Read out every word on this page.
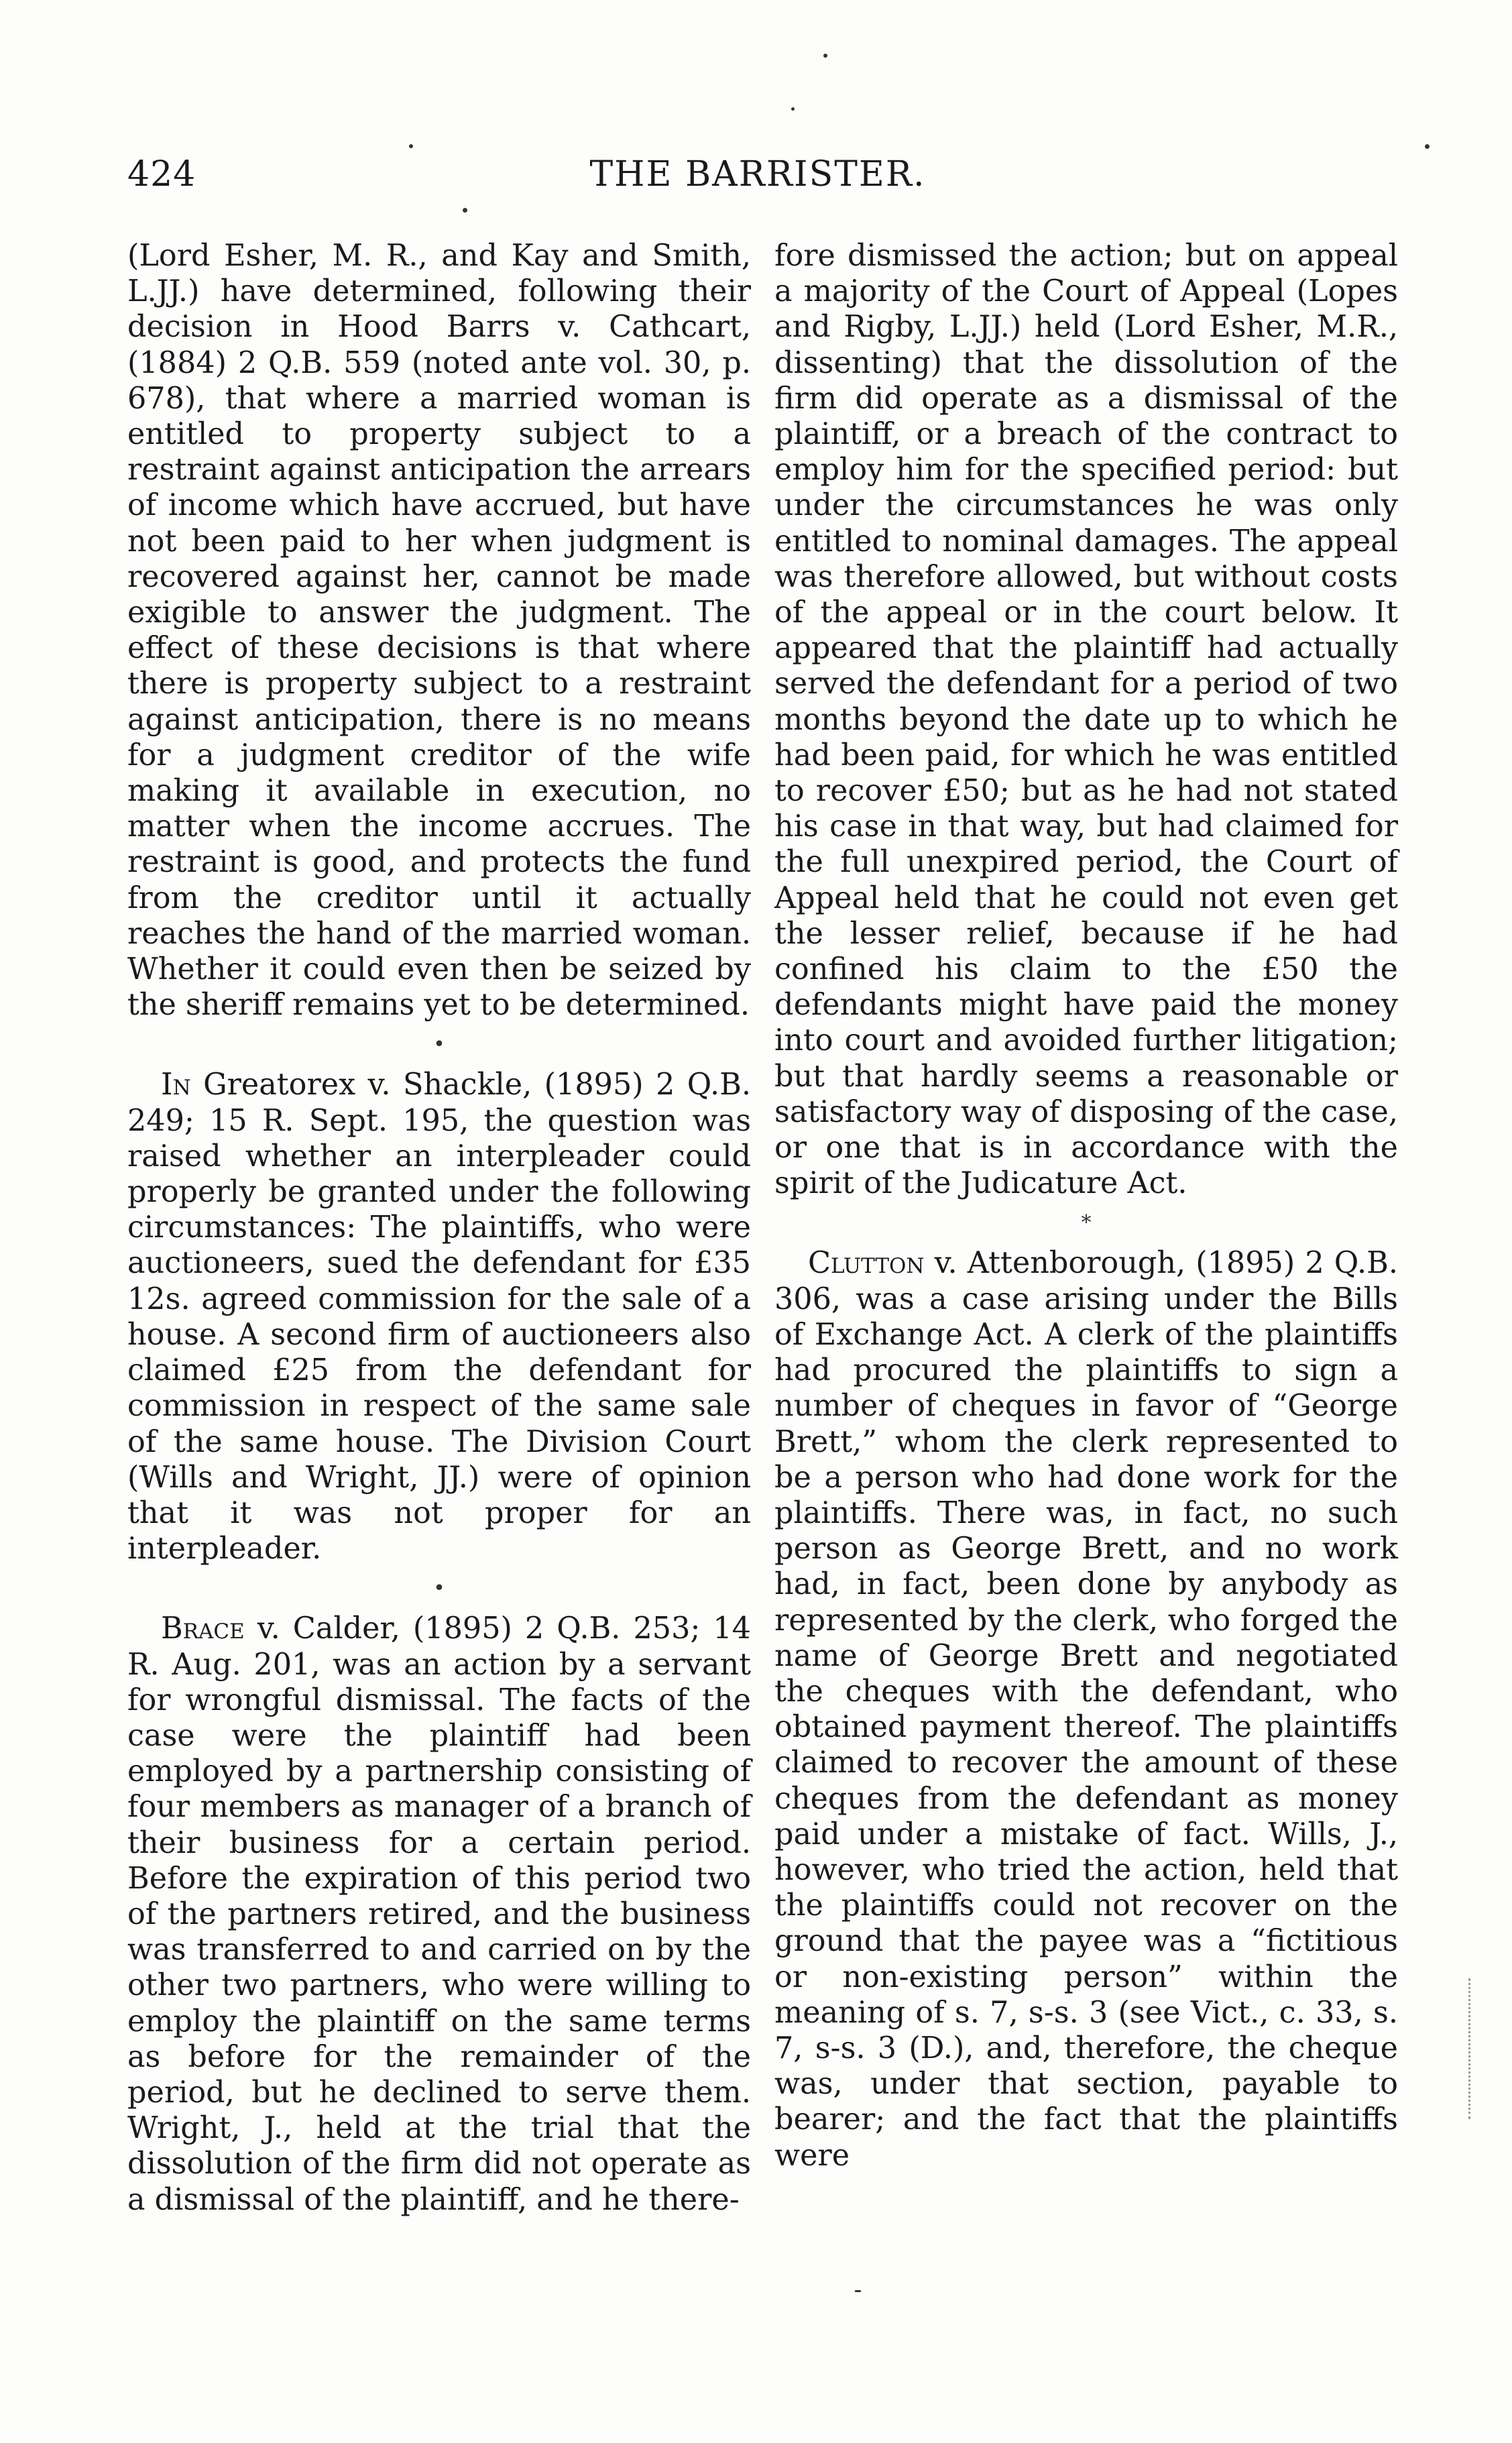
424	THE BARRISTER.

(Lord Esher, M. R., and Kay and Smith, L.JJ.) have determined, following their decision in Hood Barrs v. Cathcart, (1884) 2 Q.B. 559 (noted ante vol. 30, p. 678), that where a married woman is entitled to property subject to a restraint against anticipation the arrears of income which have accrued, but have not been paid to her when judgment is recovered against her, cannot be made exigible to answer the judgment. The effect of these decisions is that where there is property subject to a restraint against anticipation, there is no means for a judgment creditor of the wife making it available in execution, no matter when the income accrues. The restraint is good, and protects the fund from the creditor until it actually reaches the hand of the married woman. Whether it could even then be seized by the sheriff remains yet to be determined.

•

In Greatorex v. Shackle, (1895) 2 Q.B. 249; 15 R. Sept. 195, the question was raised whether an interpleader could properly be granted under the following circumstances: The plaintiffs, who were auctioneers, sued the defendant for £35 12s. agreed commission for the sale of a house. A second firm of auctioneers also claimed £25 from the defendant for commission in respect of the same sale of the same house. The Division Court (Wills and Wright, JJ.) were of opinion that it was not proper for an interpleader.

•

Brace v. Calder, (1895) 2 Q.B. 253; 14 R. Aug. 201, was an action by a servant for wrongful dismissal. The facts of the case were the plaintiff had been employed by a partnership consisting of four members as manager of a branch of their business for a certain period. Before the expiration of this period two of the partners retired, and the business was transferred to and carried on by the other two partners, who were willing to employ the plaintiff on the same terms as before for the remainder of the period, but he declined to serve them. Wright, J., held at the trial that the dissolution of the firm did not operate as a dismissal of the plaintiff, and he there-

fore dismissed the action; but on appeal a majority of the Court of Appeal (Lopes and Rigby, L.JJ.) held (Lord Esher, M.R., dissenting) that the dissolution of the firm did operate as a dismissal of the plaintiff, or a breach of the contract to employ him for the specified period: but under the circumstances he was only entitled to nominal damages. The appeal was therefore allowed, but without costs of the appeal or in the court below. It appeared that the plaintiff had actually served the defendant for a period of two months beyond the date up to which he had been paid, for which he was entitled to recover £50; but as he had not stated his case in that way, but had claimed for the full unexpired period, the Court of Appeal held that he could not even get the lesser relief, because if he had confined his claim to the £50 the defendants might have paid the money into court and avoided further litigation; but that hardly seems a reasonable or satisfactory way of disposing of the case, or one that is in accordance with the spirit of the Judicature Act.

*

Clutton v. Attenborough, (1895) 2 Q.B. 306, was a case arising under the Bills of Exchange Act. A clerk of the plaintiffs had procured the plaintiffs to sign a number of cheques in favor of “George Brett,” whom the clerk represented to be a person who had done work for the plaintiffs. There was, in fact, no such person as George Brett, and no work had, in fact, been done by anybody as represented by the clerk, who forged the name of George Brett and negotiated the cheques with the defendant, who obtained payment thereof. The plaintiffs claimed to recover the amount of these cheques from the defendant as money paid under a mistake of fact. Wills, J., however, who tried the action, held that the plaintiffs could not recover on the ground that the payee was a “fictitious or non-existing person” within the meaning of s. 7, s-s. 3 (see Vict., c. 33, s. 7, s-s. 3 (D.), and, therefore, the cheque was, under that section, payable to bearer; and the fact that the plaintiffs were
